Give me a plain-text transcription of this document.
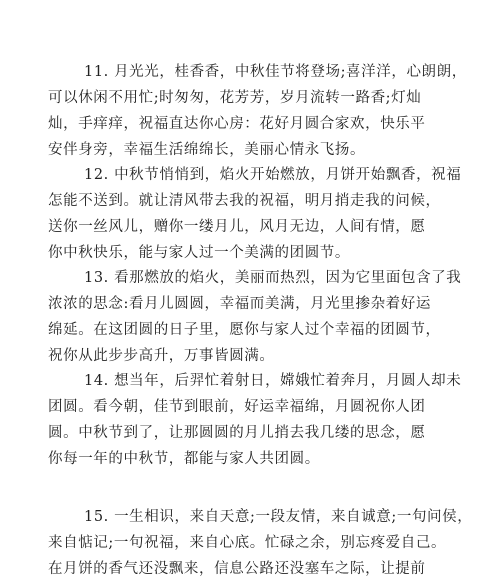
11. 月光光，桂香香，中秋佳节将登场;喜洋洋，心朗朗，
可以休闲不用忙;时匆匆，花芳芳，岁月流转一路香;灯灿
灿，手痒痒，祝福直达你心房：花好月圆合家欢，快乐平
安伴身旁，幸福生活绵绵长，美丽心情永飞扬。
12. 中秋节悄悄到，焰火开始燃放，月饼开始飘香，祝福
怎能不送到。就让清风带去我的祝福，明月捎走我的问候，
送你一丝风儿，赠你一缕月儿，风月无边，人间有情，愿
你中秋快乐，能与家人过一个美满的团圆节。
13. 看那燃放的焰火，美丽而热烈，因为它里面包含了我
浓浓的思念:看月儿圆圆，幸福而美满，月光里掺杂着好运
绵延。在这团圆的日子里，愿你与家人过个幸福的团圆节，
祝你从此步步高升，万事皆圆满。
14. 想当年，后羿忙着射日，嫦娥忙着奔月，月圆人却未
团圆。看今朝，佳节到眼前，好运幸福绵，月圆祝你人团
圆。中秋节到了，让那圆圆的月儿捎去我几缕的思念，愿
你每一年的中秋节，都能与家人共团圆。
15. 一生相识，来自天意;一段友情，来自诚意;一句问侯，
来自惦记;一句祝福，来自心底。忙碌之余，别忘疼爱自己。
在月饼的香气还没飘来，信息公路还没塞车之际，让提前
